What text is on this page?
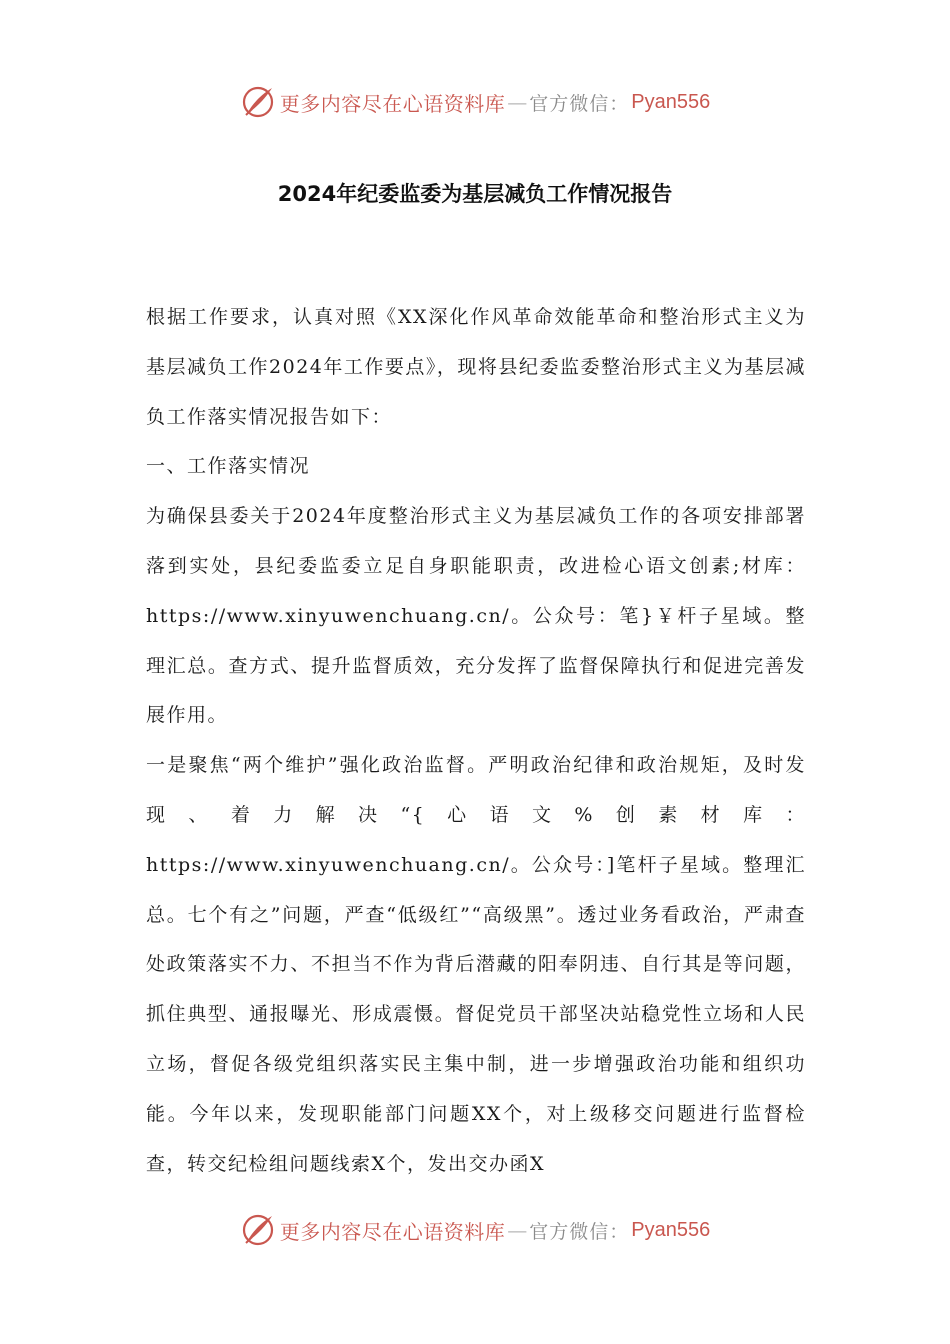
更多内容尽在心语资料库 — 官方微信： Pyan556
2024年纪委监委为基层减负工作情况报告

根据工作要求，认真对照《XX深化作风革命效能革命和整治形式主义为基层减负工作2024年工作要点》，现将县纪委监委整治形式主义为基层减负工作落实情况报告如下：

一、工作落实情况

为确保县委关于2024年度整治形式主义为基层减负工作的各项安排部署落到实处，县纪委监委立足自身职能职责，改进检心语文创素;材库：https://www.xinyuwenchuang.cn/。公众号：笔}￥杆子星域。整理汇总。查方式、提升监督质效，充分发挥了监督保障执行和促进完善发展作用。

一是聚焦“两个维护”强化政治监督。严明政治纪律和政治规矩，及时发现、着力解决“{心语文%创素材库：https://www.xinyuwenchuang.cn/。公众号：]笔杆子星域。整理汇总。七个有之”问题，严查“低级红”“高级黑”。透过业务看政治，严肃查处政策落实不力、不担当不作为背后潜藏的阳奉阴违、自行其是等问题，抓住典型、通报曝光、形成震慑。督促党员干部坚决站稳党性立场和人民立场，督促各级党组织落实民主集中制，进一步增强政治功能和组织功能。今年以来，发现职能部门问题XX个，对上级移交问题进行监督检查，转交纪检组问题线索X个，发出交办函X

更多内容尽在心语资料库 — 官方微信： Pyan556
